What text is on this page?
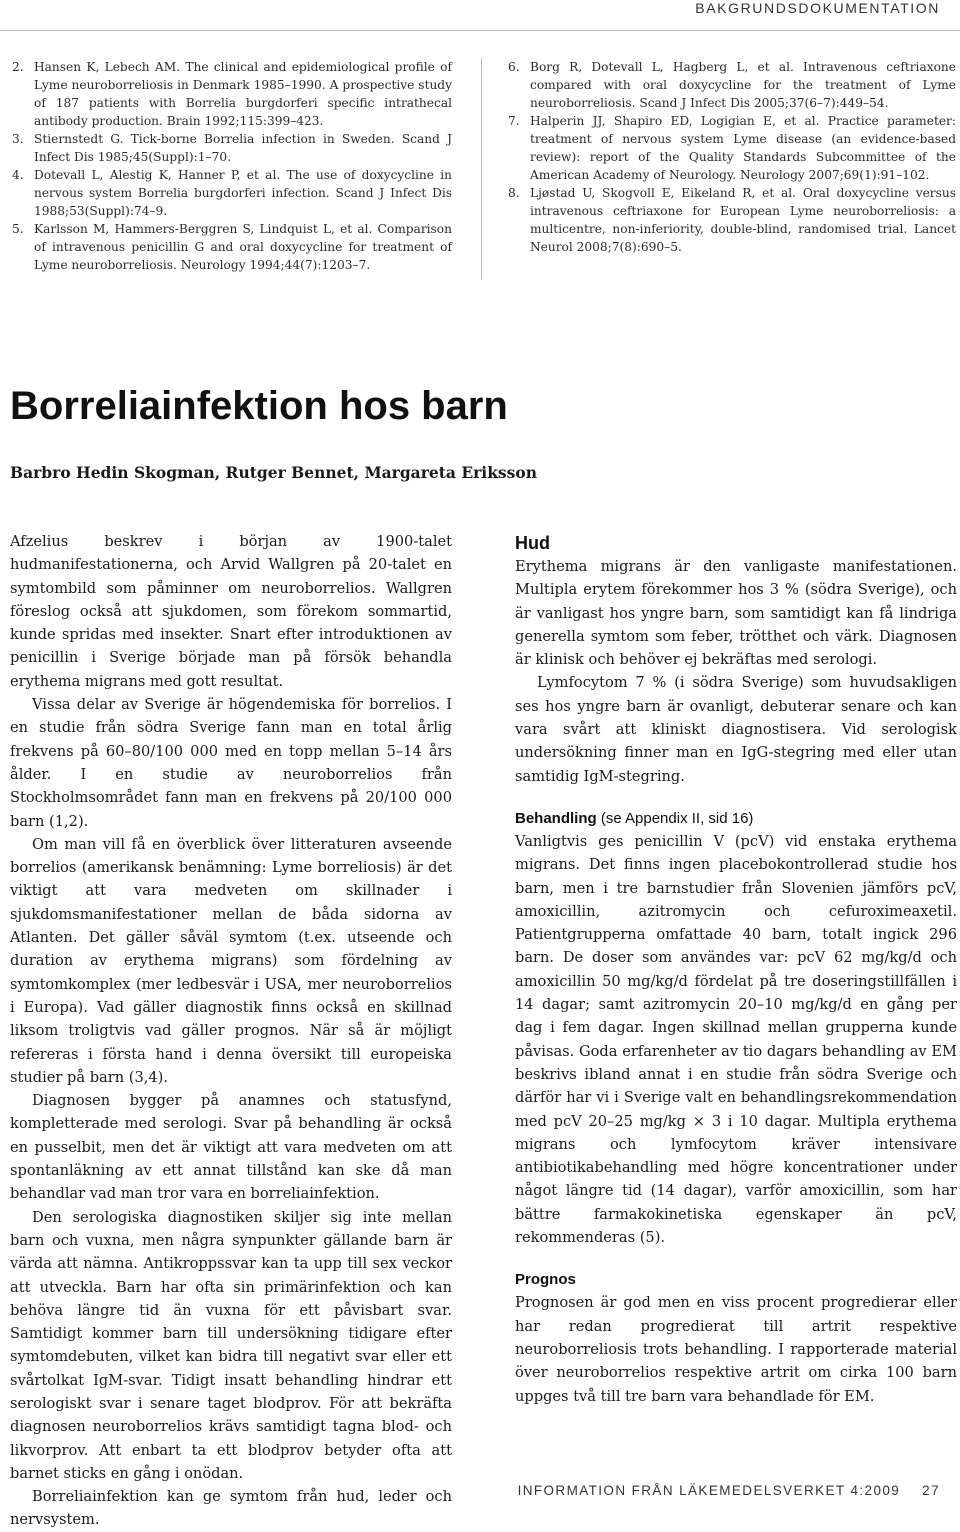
BAKGRUNDSDOKUMENTATION
2. Hansen K, Lebech AM. The clinical and epidemiological profile of Lyme neuroborreliosis in Denmark 1985–1990. A prospective study of 187 patients with Borrelia burgdorferi specific intrathecal antibody production. Brain 1992;115:399–423.
3. Stiernstedt G. Tick-borne Borrelia infection in Sweden. Scand J Infect Dis 1985;45(Suppl):1–70.
4. Dotevall L, Alestig K, Hanner P, et al. The use of doxycycline in nervous system Borrelia burgdorferi infection. Scand J Infect Dis 1988;53(Suppl):74–9.
5. Karlsson M, Hammers-Berggren S, Lindquist L, et al. Comparison of intravenous penicillin G and oral doxycycline for treatment of Lyme neuroborreliosis. Neurology 1994;44(7):1203–7.
6. Borg R, Dotevall L, Hagberg L, et al. Intravenous ceftriaxone compared with oral doxycycline for the treatment of Lyme neuroborreliosis. Scand J Infect Dis 2005;37(6–7):449–54.
7. Halperin JJ, Shapiro ED, Logigian E, et al. Practice parameter: treatment of nervous system Lyme disease (an evidence-based review): report of the Quality Standards Subcommittee of the American Academy of Neurology. Neurology 2007;69(1):91–102.
8. Ljøstad U, Skogvoll E, Eikeland R, et al. Oral doxycycline versus intravenous ceftriaxone for European Lyme neuroborreliosis: a multicentre, non-inferiority, double-blind, randomised trial. Lancet Neurol 2008;7(8):690–5.
Borreliainfektion hos barn

Barbro Hedin Skogman, Rutger Bennet, Margareta Eriksson

Afzelius beskrev i början av 1900-talet hudmanifestationerna, och Arvid Wallgren på 20-talet en symtombild som påminner om neuroborrelios. Wallgren föreslog också att sjukdomen, som förekom sommartid, kunde spridas med insekter. Snart efter introduktionen av penicillin i Sverige började man på försök behandla erythema migrans med gott resultat.

Vissa delar av Sverige är högendemiska för borrelios. I en studie från södra Sverige fann man en total årlig frekvens på 60–80/100 000 med en topp mellan 5–14 års ålder. I en studie av neuroborrelios från Stockholmsområdet fann man en frekvens på 20/100 000 barn (1,2).

Om man vill få en överblick över litteraturen avseende borrelios (amerikansk benämning: Lyme borreliosis) är det viktigt att vara medveten om skillnader i sjukdomsmanifestationer mellan de båda sidorna av Atlanten. Det gäller såväl symtom (t.ex. utseende och duration av erythema migrans) som fördelning av symtomkomplex (mer ledbesvär i USA, mer neuroborrelios i Europa). Vad gäller diagnostik finns också en skillnad liksom troligtvis vad gäller prognos. När så är möjligt refereras i första hand i denna översikt till europeiska studier på barn (3,4).

Diagnosen bygger på anamnes och statusfynd, kompletterade med serologi. Svar på behandling är också en pusselbit, men det är viktigt att vara medveten om att spontanläkning av ett annat tillstånd kan ske då man behandlar vad man tror vara en borreliainfektion.

Den serologiska diagnostiken skiljer sig inte mellan barn och vuxna, men några synpunkter gällande barn är värda att nämna. Antikroppssvar kan ta upp till sex veckor att utveckla. Barn har ofta sin primärinfektion och kan behöva längre tid än vuxna för ett påvisbart svar. Samtidigt kommer barn till undersökning tidigare efter symtomdebuten, vilket kan bidra till negativt svar eller ett svårtolkat IgM-svar. Tidigt insatt behandling hindrar ett serologiskt svar i senare taget blodprov. För att bekräfta diagnosen neuroborrelios krävs samtidigt tagna blod- och likvorprov. Att enbart ta ett blodprov betyder ofta att barnet sticks en gång i onödan.

Borreliainfektion kan ge symtom från hud, leder och nervsystem.

Hud

Erythema migrans är den vanligaste manifestationen. Multipla erytem förekommer hos 3 % (södra Sverige), och är vanligast hos yngre barn, som samtidigt kan få lindriga generella symtom som feber, trötthet och värk. Diagnosen är klinisk och behöver ej bekräftas med serologi.

Lymfocytom 7 % (i södra Sverige) som huvudsakligen ses hos yngre barn är ovanligt, debuterar senare och kan vara svårt att kliniskt diagnostisera. Vid serologisk undersökning finner man en IgG-stegring med eller utan samtidig IgM-stegring.

Behandling (se Appendix II, sid 16)

Vanligtvis ges penicillin V (pcV) vid enstaka erythema migrans. Det finns ingen placebokontrollerad studie hos barn, men i tre barnstudier från Slovenien jämförs pcV, amoxicillin, azitromycin och cefuroximeaxetil. Patientgrupperna omfattade 40 barn, totalt ingick 296 barn. De doser som användes var: pcV 62 mg/kg/d och amoxicillin 50 mg/kg/d fördelat på tre doseringstillfällen i 14 dagar; samt azitromycin 20–10 mg/kg/d en gång per dag i fem dagar. Ingen skillnad mellan grupperna kunde påvisas. Goda erfarenheter av tio dagars behandling av EM beskrivs ibland annat i en studie från södra Sverige och därför har vi i Sverige valt en behandlingsrekommendation med pcV 20–25 mg/kg × 3 i 10 dagar. Multipla erythema migrans och lymfocytom kräver intensivare antibiotikabehandling med högre koncentrationer under något längre tid (14 dagar), varför amoxicillin, som har bättre farmakokinetiska egenskaper än pcV, rekommenderas (5).

Prognos

Prognosen är god men en viss procent progredierar eller har redan progredierat till artrit respektive neuroborreliosis trots behandling. I rapporterade material över neuroborrelios respektive artrit om cirka 100 barn uppges två till tre barn vara behandlade för EM.

INFORMATION FRÅN LÄKEMEDELSVERKET 4:2009 27
